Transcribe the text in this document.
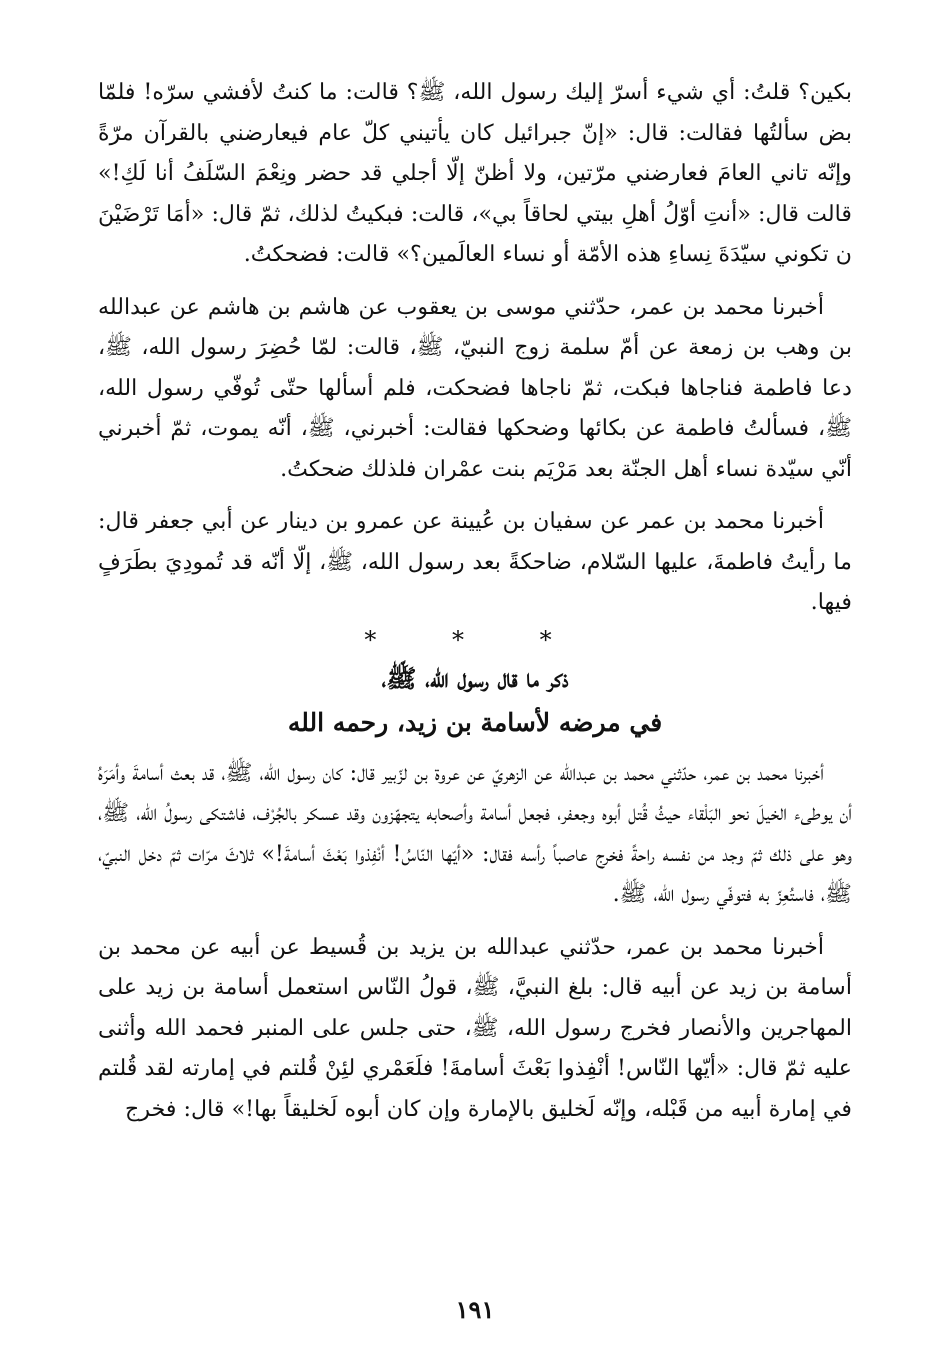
بكين؟ قلتُ: أي شيء أسرّ إليك رسول الله، ﷺ؟ قالت: ما كنتُ لأفشي سرّه! فلمّا بض سألتُها فقالت: قال: «إنّ جبرائيل كان يأتيني كلّ عام فيعارضني بالقرآن مرّةً وإنّه تاني العامَ فعارضني مرّتين، ولا أظنّ إلّا أجلي قد حضر ونِعْمَ السّلَفُ أنا لَكِ!» قالت قال: «أنتِ أوّلُ أهلِ بيتي لحاقاً بي»، قالت: فبكيتُ لذلك، ثمّ قال: «أمَا تَرْضَيْنَ ن تكوني سيّدَةَ نِساءِ هذه الأمّة أو نساء العالَمين؟» قالت: فضحكتُ.

أخبرنا محمد بن عمر، حدّثني موسى بن يعقوب عن هاشم بن هاشم عن عبدالله بن وهب بن زمعة عن أمّ سلمة زوج النبيّ، ﷺ، قالت: لمّا حُضِرَ رسول الله، ﷺ، دعا فاطمة فناجاها فبكت، ثمّ ناجاها فضحكت، فلم أسألها حتّى تُوفّي رسول الله، ﷺ، فسألتُ فاطمة عن بكائها وضحكها فقالت: أخبرني، ﷺ، أنّه يموت، ثمّ أخبرني أنّي سيّدة نساء أهل الجنّة بعد مَرْيَم بنت عمْران فلذلك ضحكتُ.

أخبرنا محمد بن عمر عن سفيان بن عُيينة عن عمرو بن دينار عن أبي جعفر قال: ما رأيتُ فاطمةَ، عليها السّلام، ضاحكةً بعد رسول الله، ﷺ، إلّا أنّه قد تُمودِيَ بطَرَفٍ فيها.

* * *

ذكر ما قال رسول الله، ﷺ،

في مرضه لأسامة بن زيد، رحمه الله

أخبرنا محمد بن عمر، حدّثني محمد بن عبدالله عن الزهريّ عن عروة بن لزّبير قال: كان رسول الله، ﷺ، قد بعث أسامةَ وأمَرَهُ أن يوطىء الخيلَ نحو البَلْقاء حيثُ قُتل أبوه وجعفر، فجعل أسامة وأصحابه يتجهّزون وقد عسكر بالجُرْف، فاشتكى رسولُ الله، ﷺ، وهو على ذلك ثمّ وجد من نفسه راحةً فخرج عاصباً رأسه فقال: «أيّها النّاسُ! أنْفِذوا بَعْثَ أسامةَ!» ثلاثَ مرّات ثمّ دخل النبيّ، ﷺ، فاستُعِزّ به فتوفّي رسول الله، ﷺ.

أخبرنا محمد بن عمر، حدّثني عبدالله بن يزيد بن قُسيط عن أبيه عن محمد بن أسامة بن زيد عن أبيه قال: بلغ النبيَّ، ﷺ، قولُ النّاس استعمل أسامة بن زيد على المهاجرين والأنصار فخرج رسول الله، ﷺ، حتى جلس على المنبر فحمد الله وأثنى عليه ثمّ قال: «أيّها النّاس! أنْفِذوا بَعْثَ أسامةَ! فلَعَمْري لئِنْ قُلتم في إمارته لقد قُلتم في إمارة أبيه من قَبْله، وإنّه لَخليق بالإمارة وإن كان أبوه لَخليقاً بها!» قال: فخرج

١٩١
